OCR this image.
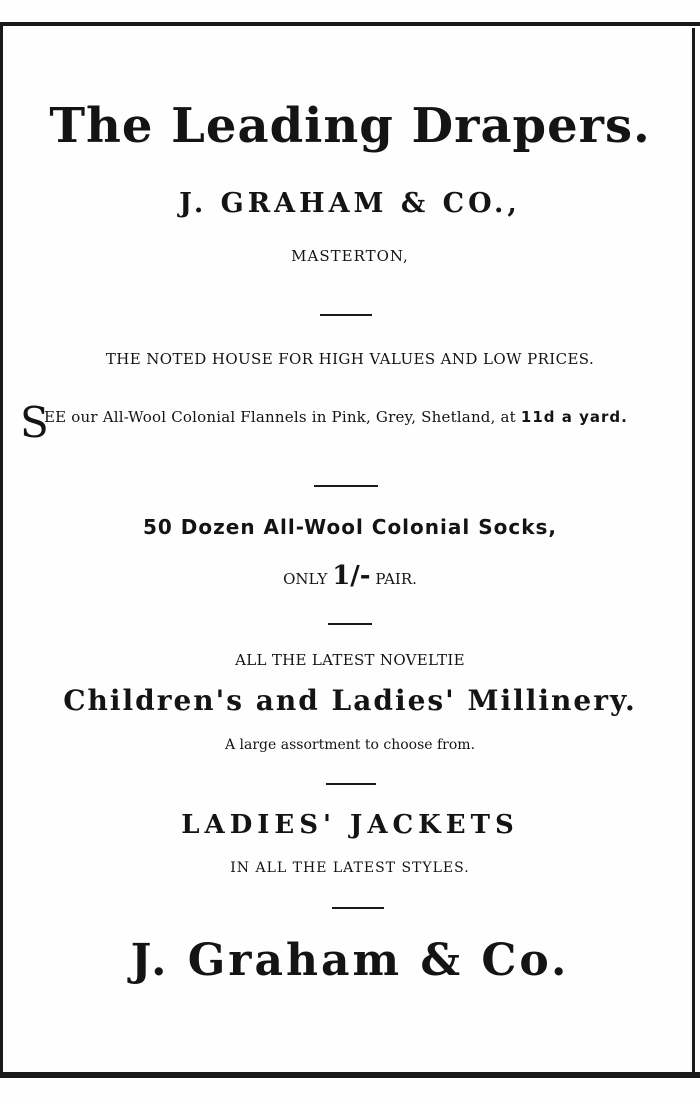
The Leading Drapers.
J. GRAHAM & CO.,
MASTERTON,
THE NOTED HOUSE FOR HIGH VALUES AND LOW PRICES.
S
EE our All-Wool Colonial Flannels in Pink, Grey, Shetland, at 11d a yard.
50 Dozen All-Wool Colonial Socks,
ONLY 1/- PAIR.
ALL THE LATEST NOVELTIE
Children's and Ladies' Millinery.
A large assortment to choose from.
LADIES' JACKETS
IN ALL THE LATEST STYLES.
J. Graham & Co.
